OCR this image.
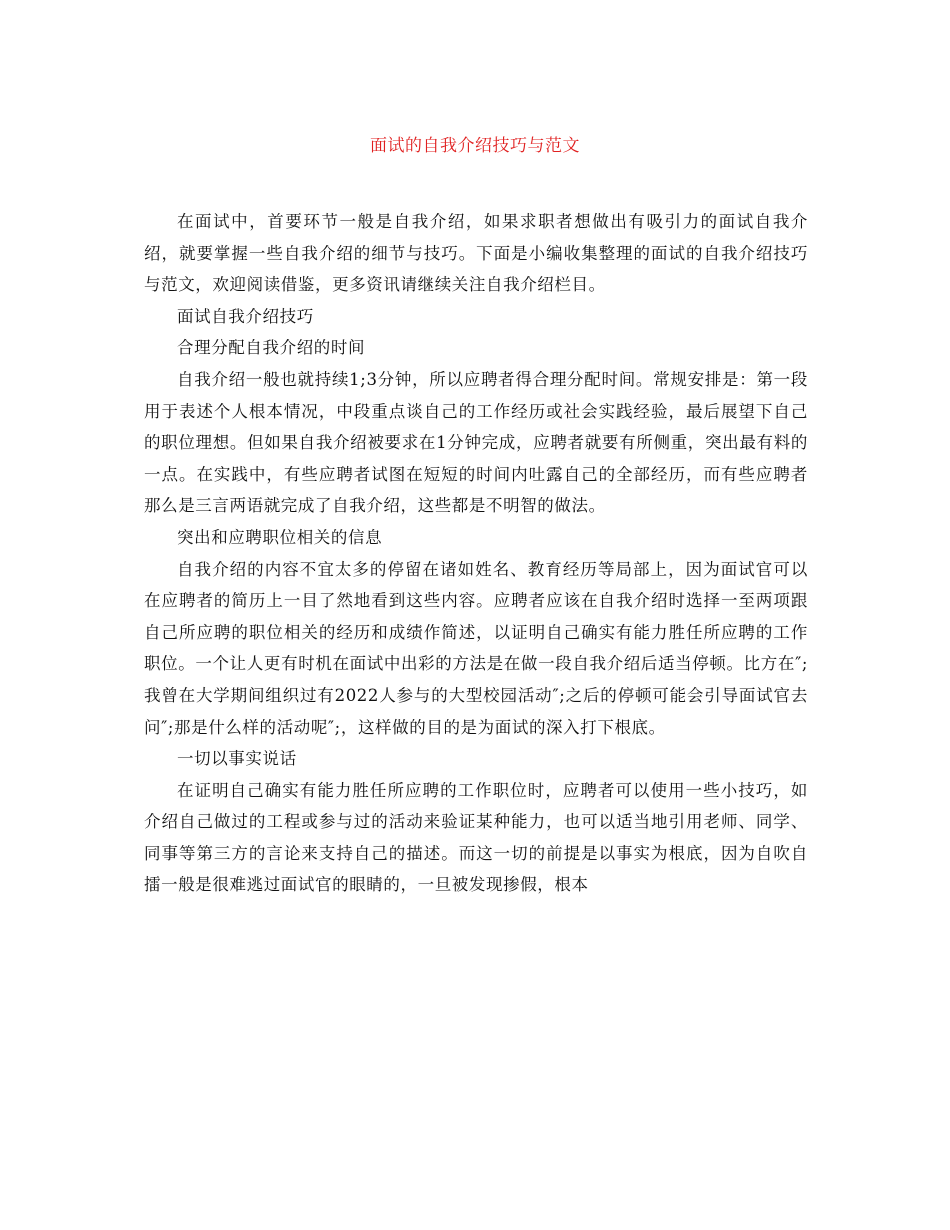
面试的自我介绍技巧与范文

在面试中，首要环节一般是自我介绍，如果求职者想做出有吸引力的面试自我介绍，就要掌握一些自我介绍的细节与技巧。下面是小编收集整理的面试的自我介绍技巧与范文，欢迎阅读借鉴，更多资讯请继续关注自我介绍栏目。

面试自我介绍技巧

合理分配自我介绍的时间

自我介绍一般也就持续1;3分钟，所以应聘者得合理分配时间。常规安排是：第一段用于表述个人根本情况，中段重点谈自己的工作经历或社会实践经验，最后展望下自己的职位理想。但如果自我介绍被要求在1分钟完成，应聘者就要有所侧重，突出最有料的一点。在实践中，有些应聘者试图在短短的时间内吐露自己的全部经历，而有些应聘者那么是三言两语就完成了自我介绍，这些都是不明智的做法。

突出和应聘职位相关的信息

自我介绍的内容不宜太多的停留在诸如姓名、教育经历等局部上，因为面试官可以在应聘者的简历上一目了然地看到这些内容。应聘者应该在自我介绍时选择一至两项跟自己所应聘的职位相关的经历和成绩作简述，以证明自己确实有能力胜任所应聘的工作职位。一个让人更有时机在面试中出彩的方法是在做一段自我介绍后适当停顿。比方在″;我曾在大学期间组织过有2022人参与的大型校园活动″;之后的停顿可能会引导面试官去问″;那是什么样的活动呢″;，这样做的目的是为面试的深入打下根底。

一切以事实说话

在证明自己确实有能力胜任所应聘的工作职位时，应聘者可以使用一些小技巧，如介绍自己做过的工程或参与过的活动来验证某种能力，也可以适当地引用老师、同学、同事等第三方的言论来支持自己的描述。而这一切的前提是以事实为根底，因为自吹自擂一般是很难逃过面试官的眼睛的，一旦被发现掺假，根本
